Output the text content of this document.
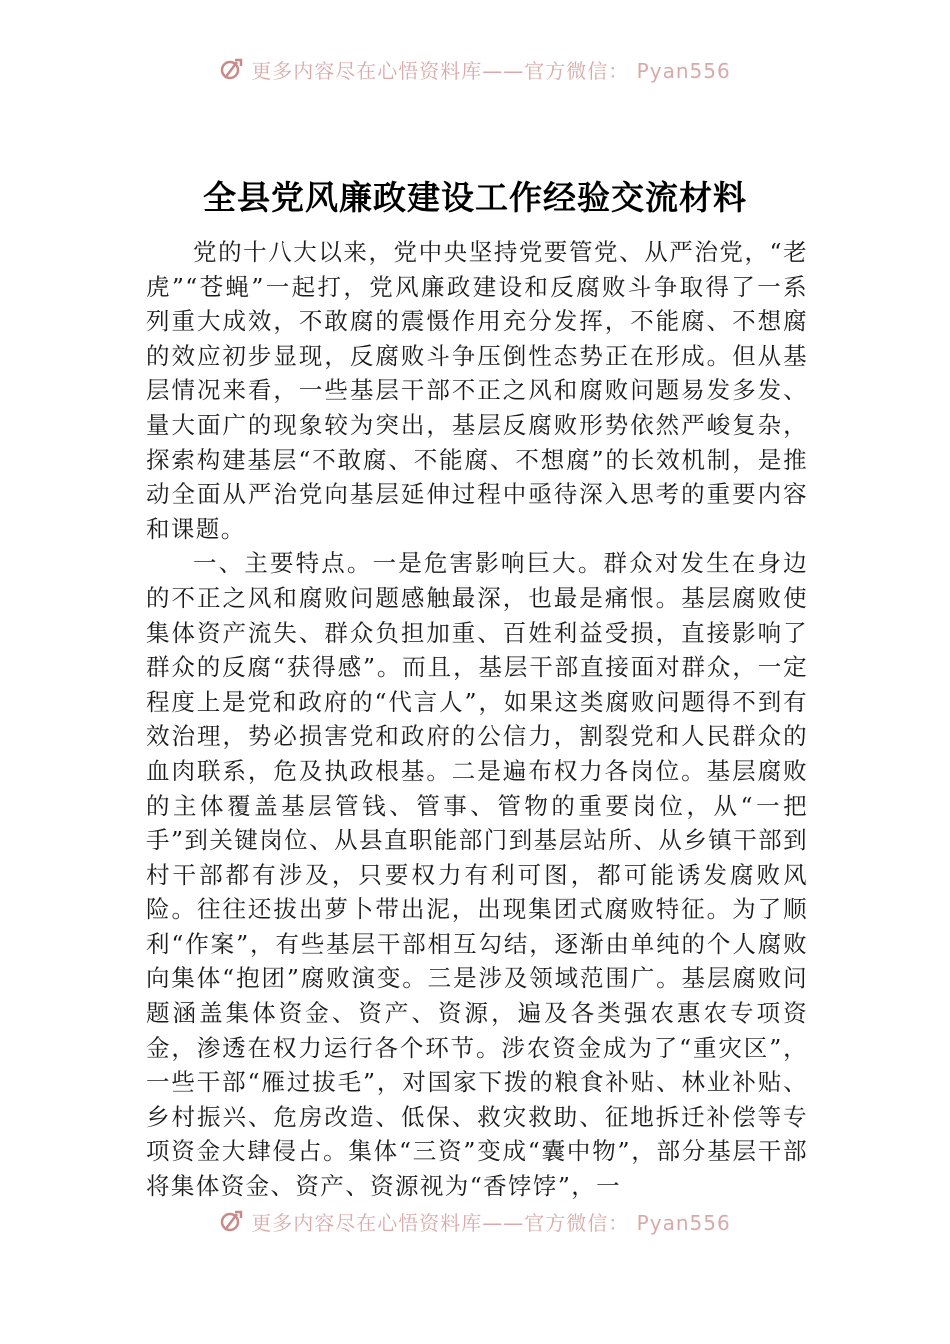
更多内容尽在心悟资料库——官方微信： Pyan556
全县党风廉政建设工作经验交流材料

党的十八大以来，党中央坚持党要管党、从严治党，“老虎”“苍蝇”一起打，党风廉政建设和反腐败斗争取得了一系列重大成效，不敢腐的震慑作用充分发挥，不能腐、不想腐的效应初步显现，反腐败斗争压倒性态势正在形成。但从基层情况来看，一些基层干部不正之风和腐败问题易发多发、量大面广的现象较为突出，基层反腐败形势依然严峻复杂，探索构建基层“不敢腐、不能腐、不想腐”的长效机制，是推动全面从严治党向基层延伸过程中亟待深入思考的重要内容和课题。

一、主要特点。一是危害影响巨大。群众对发生在身边的不正之风和腐败问题感触最深，也最是痛恨。基层腐败使集体资产流失、群众负担加重、百姓利益受损，直接影响了群众的反腐“获得感”。而且，基层干部直接面对群众，一定程度上是党和政府的“代言人”，如果这类腐败问题得不到有效治理，势必损害党和政府的公信力，割裂党和人民群众的血肉联系，危及执政根基。二是遍布权力各岗位。基层腐败的主体覆盖基层管钱、管事、管物的重要岗位，从“一把手”到关键岗位、从县直职能部门到基层站所、从乡镇干部到村干部都有涉及，只要权力有利可图，都可能诱发腐败风险。往往还拔出萝卜带出泥，出现集团式腐败特征。为了顺利“作案”，有些基层干部相互勾结，逐渐由单纯的个人腐败向集体“抱团”腐败演变。三是涉及领域范围广。基层腐败问题涵盖集体资金、资产、资源，遍及各类强农惠农专项资金，渗透在权力运行各个环节。涉农资金成为了“重灾区”，一些干部“雁过拔毛”，对国家下拨的粮食补贴、林业补贴、乡村振兴、危房改造、低保、救灾救助、征地拆迁补偿等专项资金大肆侵占。集体“三资”变成“囊中物”，部分基层干部将集体资金、资产、资源视为“香饽饽”，一

更多内容尽在心悟资料库——官方微信： Pyan556
